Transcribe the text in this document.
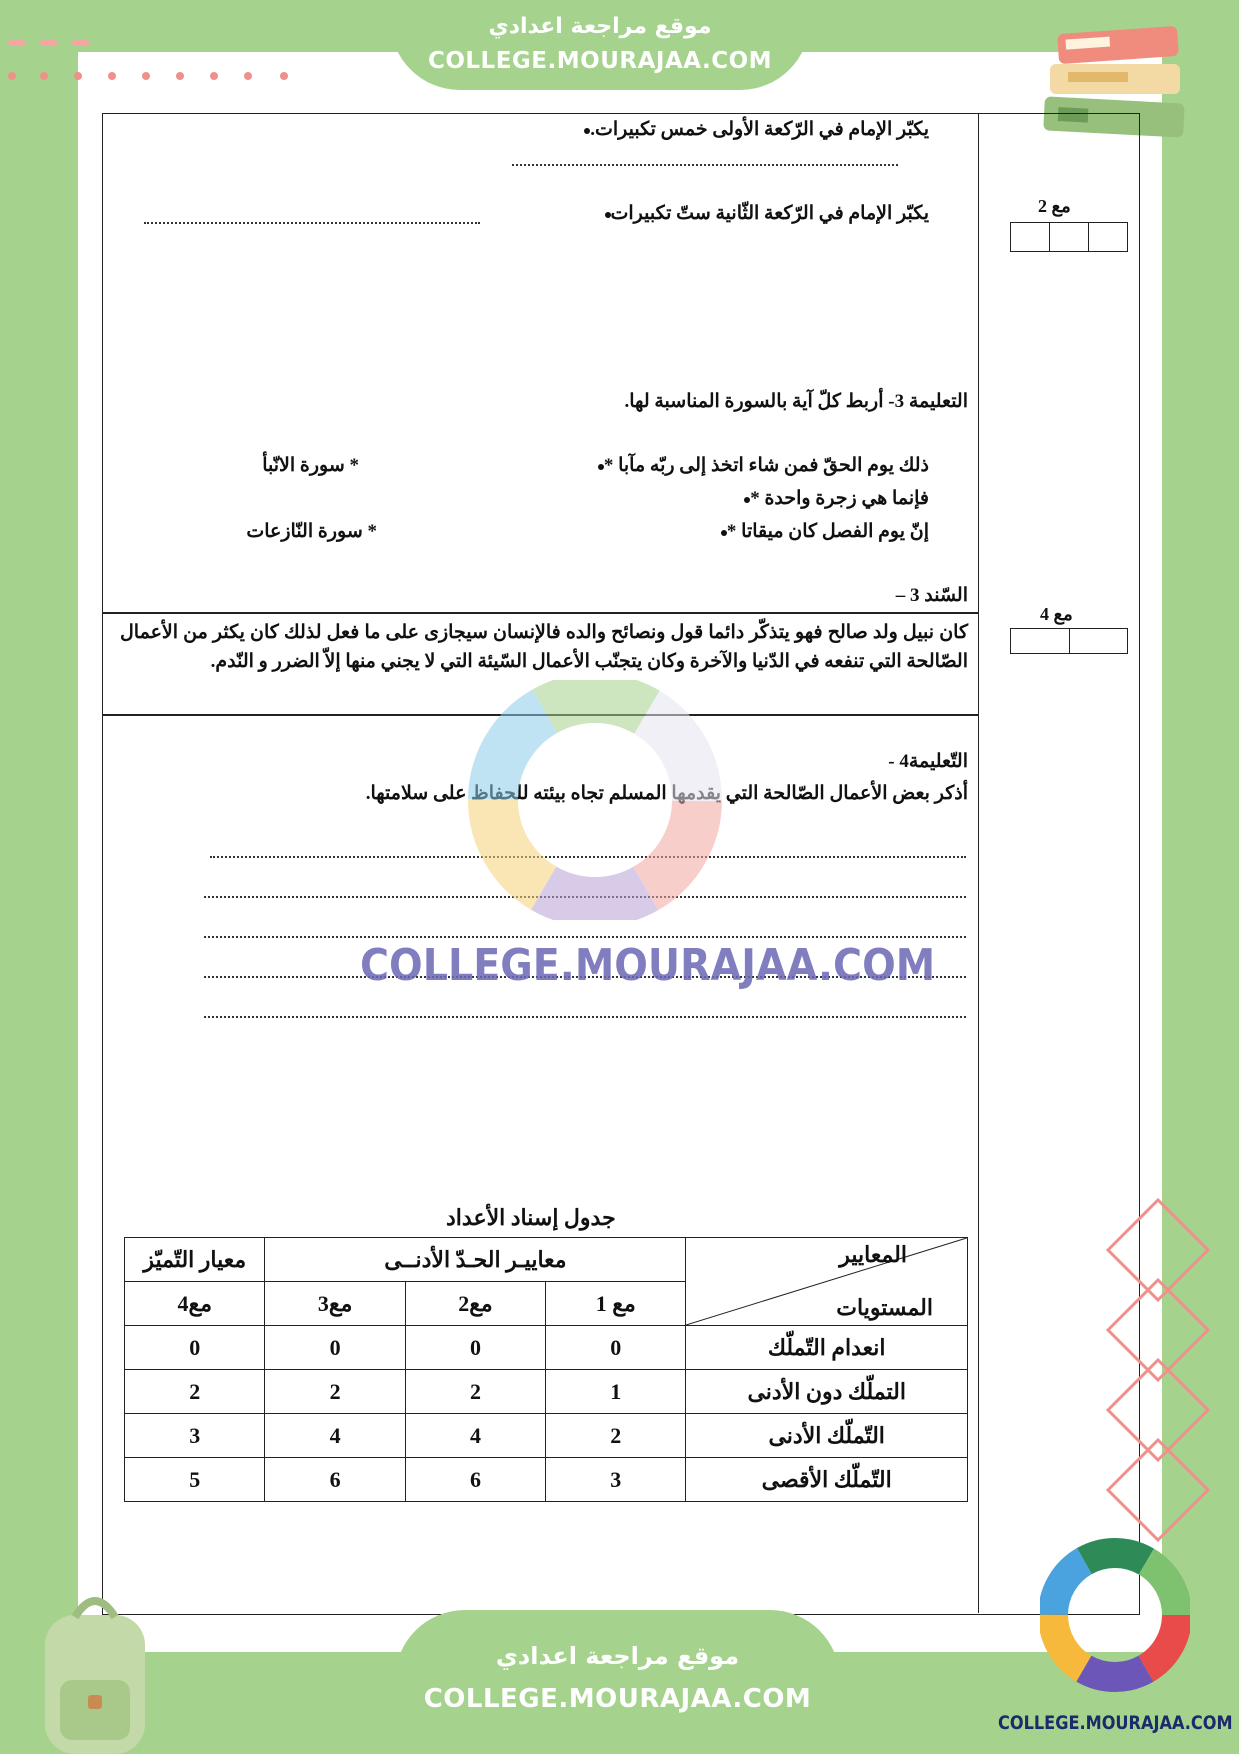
موقع مراجعة اعدادي
COLLEGE.MOURAJAA.COM
يكبّر الإمام في الرّكعة الأولى خمس تكبيرات.
يكبّر الإمام في الرّكعة الثّانية ستّ تكبيرات	مع 2
التعليمة 3- أربط كلّ آية بالسورة المناسبة لها.
ذلك يوم الحقّ فمن شاء اتخذ إلى ربّه مآبا *
فإنما هي زجرة واحدة *
إنّ يوم الفصل كان ميقاتا *
* سورة الانّبأ
* سورة النّازعات
السّند 3 –
كان نبيل ولد صالح فهو يتذكّر دائما قول ونصائح والده فالإنسان سيجازى على ما فعل لذلك كان يكثر من الأعمال الصّالحة التي تنفعه في الدّنيا والآخرة وكان يتجنّب الأعمال السّيئة التي لا يجني منها إلاّ الضرر و النّدم.
مع 4
التّعليمة4 -
أذكر بعض الأعمال الصّالحة التي يقدمها المسلم تجاه بيئته للحفاظ على سلامتها.
COLLEGE.MOURAJAA.COM
جدول إسناد الأعداد
المعايير
المستويات	معاييـر الحـدّ الأدنــى			معيار التّميّز
	مع 1	مع2	مع3	مع4
انعدام التّملّك	0	0	0	0
التملّك دون الأدنى	1	2	2	2
التّملّك الأدنى	2	4	4	3
التّملّك الأقصى	3	6	6	5
موقع مراجعة اعدادي
COLLEGE.MOURAJAA.COM
COLLEGE.MOURAJAA.COM
